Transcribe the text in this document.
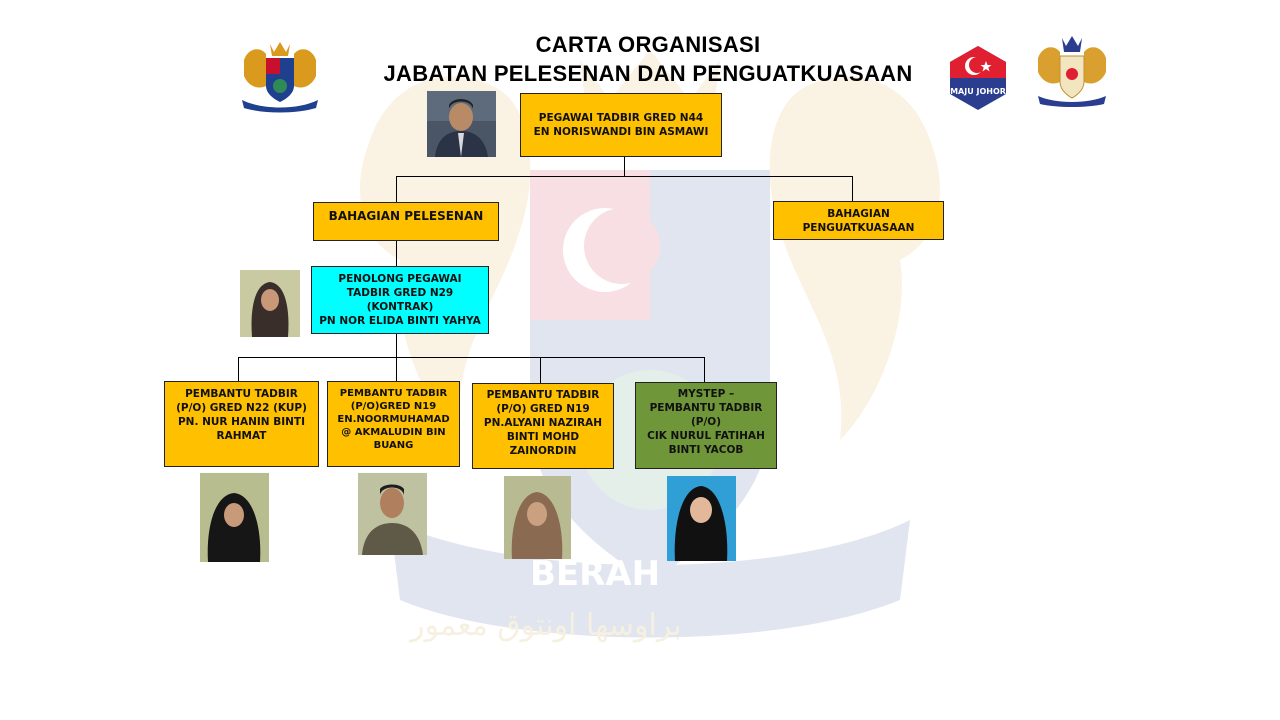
BERAH
براوسها اونتوق معمور
CARTA ORGANISASI
JABATAN PELESENAN DAN PENGUATKUASAAN
MAJU JOHOR
PEGAWAI TADBIR GRED N44
EN NORISWANDI BIN ASMAWI
BAHAGIAN PELESENAN	BAHAGIAN
PENGUATKUASAAN
PENOLONG PEGAWAI
TADBIR GRED N29
(KONTRAK)
PN NOR ELIDA BINTI YAHYA
PEMBANTU TADBIR
(P/O) GRED N22 (KUP)
PN. NUR HANIN BINTI
RAHMAT
PEMBANTU TADBIR
(P/O)GRED N19
EN.NOORMUHAMAD
@ AKMALUDIN BIN
BUANG
PEMBANTU TADBIR
(P/O) GRED N19
PN.ALYANI NAZIRAH
BINTI MOHD
ZAINORDIN
MYSTEP –
PEMBANTU TADBIR
(P/O)
CIK NURUL FATIHAH
BINTI YACOB
